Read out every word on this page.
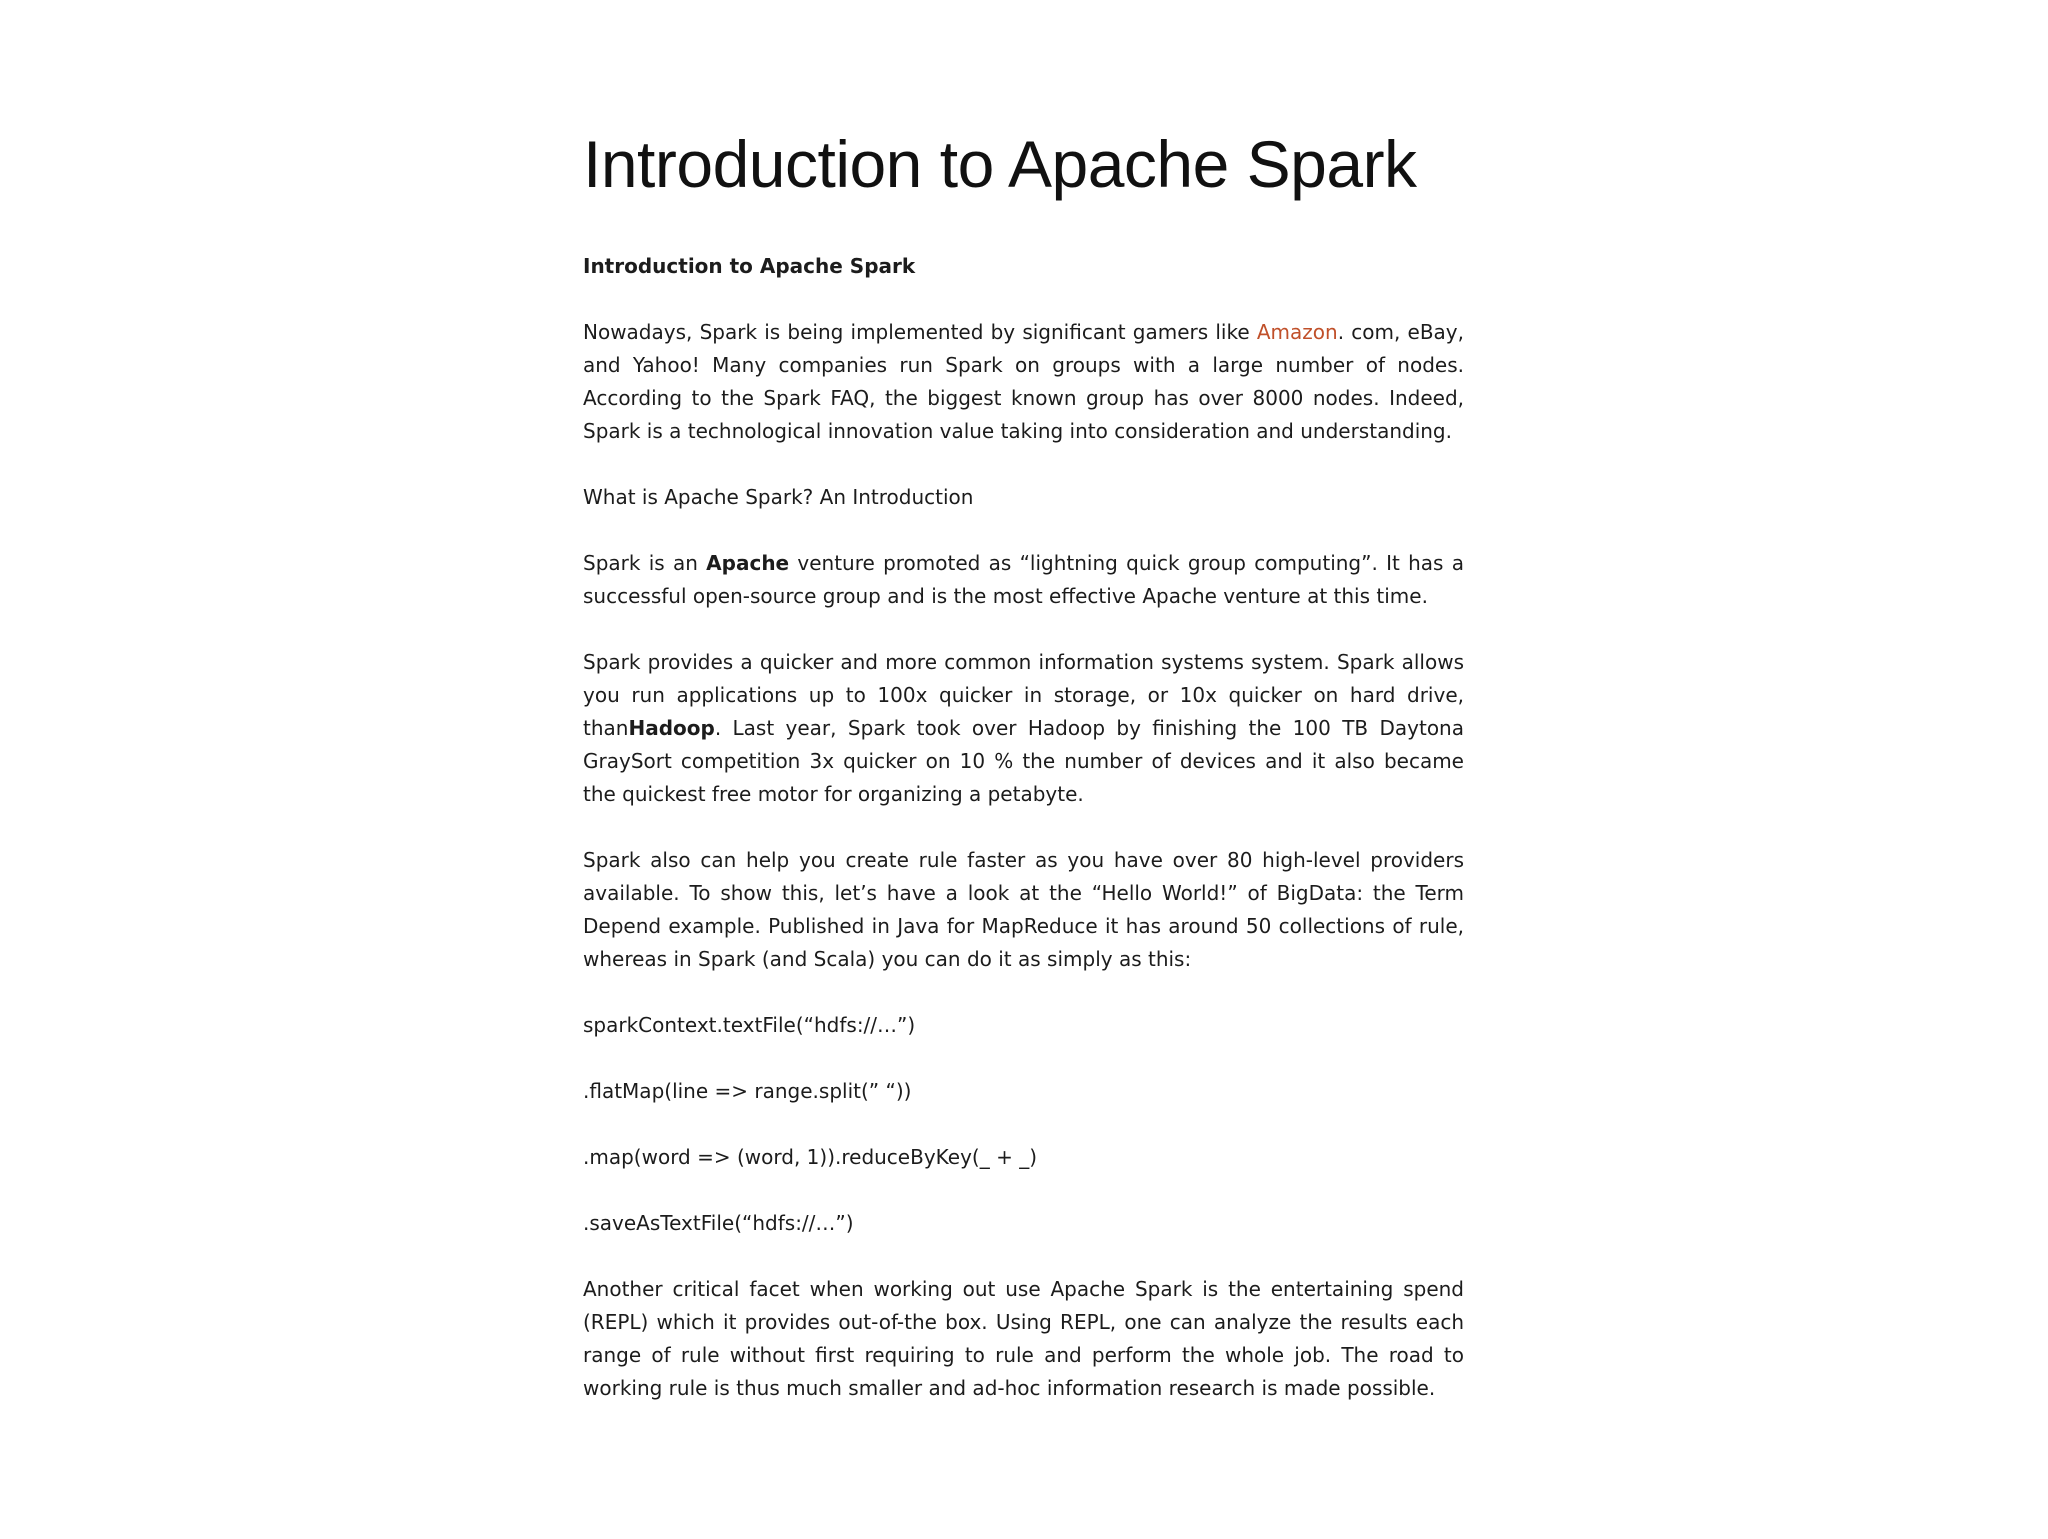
Introduction to Apache Spark

Introduction to Apache Spark

Nowadays, Spark is being implemented by significant gamers like Amazon. com, eBay, and Yahoo! Many companies run Spark on groups with a large number of nodes. According to the Spark FAQ, the biggest known group has over 8000 nodes. Indeed, Spark is a technological innovation value taking into consideration and understanding.

What is Apache Spark? An Introduction

Spark is an Apache venture promoted as “lightning quick group computing”. It has a successful open-source group and is the most effective Apache venture at this time.

Spark provides a quicker and more common information systems system. Spark allows you run applications up to 100x quicker in storage, or 10x quicker on hard drive, thanHadoop. Last year, Spark took over Hadoop by finishing the 100 TB Daytona GraySort competition 3x quicker on 10 % the number of devices and it also became the quickest free motor for organizing a petabyte.

Spark also can help you create rule faster as you have over 80 high-level providers available. To show this, let’s have a look at the “Hello World!” of BigData: the Term Depend example. Published in Java for MapReduce it has around 50 collections of rule, whereas in Spark (and Scala) you can do it as simply as this:

sparkContext.textFile(“hdfs://…”)

.flatMap(line => range.split(” “))

.map(word => (word, 1)).reduceByKey(_ + _)

.saveAsTextFile(“hdfs://…”)

Another critical facet when working out use Apache Spark is the entertaining spend (REPL) which it provides out-of-the box. Using REPL, one can analyze the results each range of rule without first requiring to rule and perform the whole job. The road to working rule is thus much smaller and ad-hoc information research is made possible.
